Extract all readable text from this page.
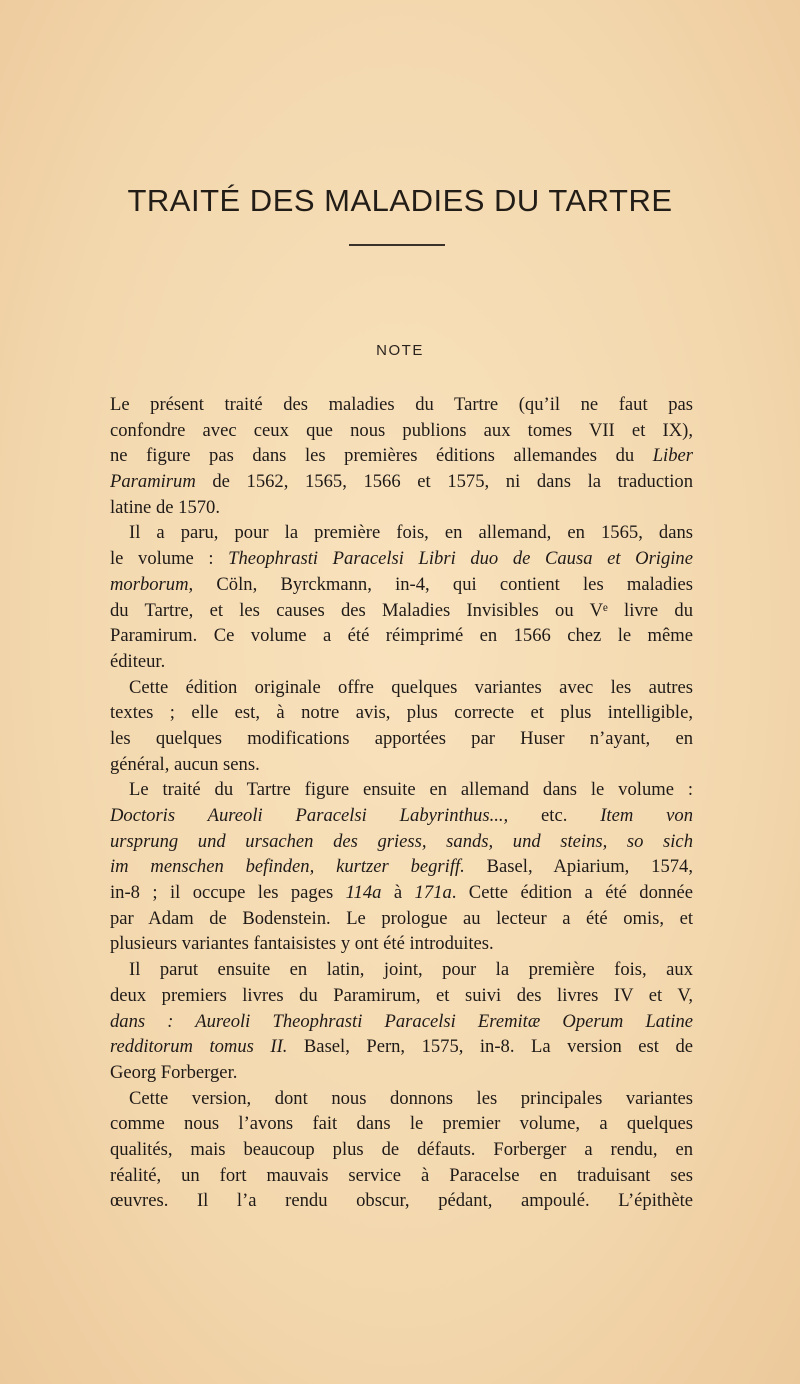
TRAITÉ DES MALADIES DU TARTRE
NOTE
Le présent traité des maladies du Tartre (qu’il ne faut pas
confondre avec ceux que nous publions aux tomes VII et IX),
ne figure pas dans les premières éditions allemandes du Liber
Paramirum de 1562, 1565, 1566 et 1575, ni dans la traduction
latine de 1570.
Il a paru, pour la première fois, en allemand, en 1565, dans
le volume : Theophrasti Paracelsi Libri duo de Causa et Origine
morborum, Cöln, Byrckmann, in-4, qui contient les maladies
du Tartre, et les causes des Maladies Invisibles ou Vᵉ livre du
Paramirum. Ce volume a été réimprimé en 1566 chez le même
éditeur.
Cette édition originale offre quelques variantes avec les autres
textes ; elle est, à notre avis, plus correcte et plus intelligible,
les quelques modifications apportées par Huser n’ayant, en
général, aucun sens.
Le traité du Tartre figure ensuite en allemand dans le volume :
Doctoris Aureoli Paracelsi Labyrinthus..., etc. Item von
ursprung und ursachen des griess, sands, und steins, so sich
im menschen befinden, kurtzer begriff. Basel, Apiarium, 1574,
in-8 ; il occupe les pages 114a à 171a. Cette édition a été donnée
par Adam de Bodenstein. Le prologue au lecteur a été omis, et
plusieurs variantes fantaisistes y ont été introduites.
Il parut ensuite en latin, joint, pour la première fois, aux
deux premiers livres du Paramirum, et suivi des livres IV et V,
dans : Aureoli Theophrasti Paracelsi Eremitæ Operum Latine
redditorum tomus II. Basel, Pern, 1575, in-8. La version est de
Georg Forberger.
Cette version, dont nous donnons les principales variantes
comme nous l’avons fait dans le premier volume, a quelques
qualités, mais beaucoup plus de défauts. Forberger a rendu, en
réalité, un fort mauvais service à Paracelse en traduisant ses
œuvres. Il l’a rendu obscur, pédant, ampoulé. L’épithète
